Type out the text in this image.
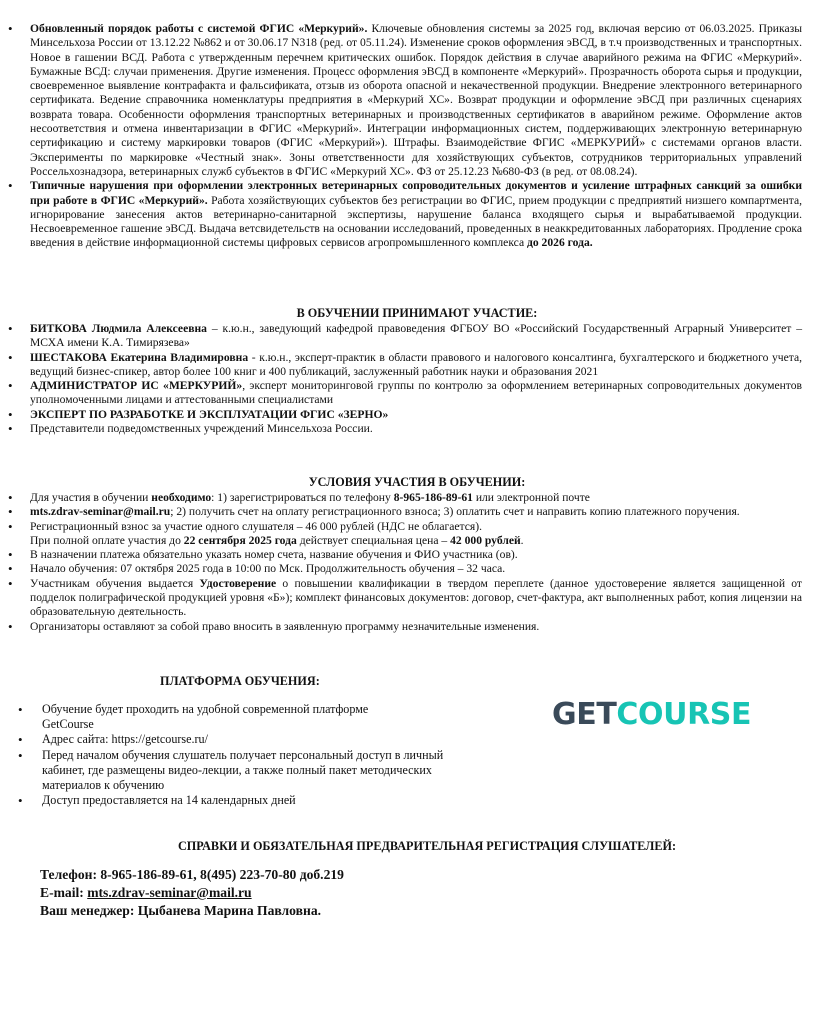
• Обновленный порядок работы с системой ФГИС «Меркурий». Ключевые обновления системы за 2025 год, включая версию от 06.03.2025. Приказы Минсельхоза России от 13.12.22 №862 и от 30.06.17 N318 (ред. от 05.11.24). Изменение сроков оформления эВСД, в т.ч производственных и транспортных. Новое в гашении ВСД. Работа с утвержденным перечнем критических ошибок. Порядок действия в случае аварийного режима на ФГИС «Меркурий». Бумажные ВСД: случаи применения. Другие изменения. Процесс оформления эВСД в компоненте «Меркурий». Прозрачность оборота сырья и продукции, своевременное выявление контрафакта и фальсификата, отзыв из оборота опасной и некачественной продукции. Внедрение электронного ветеринарного сертификата. Ведение справочника номенклатуры предприятия в «Меркурий ХС». Возврат продукции и оформление эВСД при различных сценариях возврата товара. Особенности оформления транспортных ветеринарных и производственных сертификатов в аварийном режиме. Оформление актов несоответствия и отмена инвентаризации в ФГИС «Меркурий». Интеграции информационных систем, поддерживающих электронную ветеринарную сертификацию и систему маркировки товаров (ФГИС «Меркурий»). Штрафы. Взаимодействие ФГИС «МЕРКУРИЙ» с системами органов власти. Эксперименты по маркировке «Честный знак». Зоны ответственности для хозяйствующих субъектов, сотрудников территориальных управлений Россельхознадзора, ветеринарных служб субъектов в ФГИС «Меркурий ХС». ФЗ от 25.12.23 №680-ФЗ (в ред. от 08.08.24).
• Типичные нарушения при оформлении электронных ветеринарных сопроводительных документов и усиление штрафных санкций за ошибки при работе в ФГИС «Меркурий». Работа хозяйствующих субъектов без регистрации во ФГИС, прием продукции с предприятий низшего компартмента, игнорирование занесения актов ветеринарно-санитарной экспертизы, нарушение баланса входящего сырья и вырабатываемой продукции. Несвоевременное гашение эВСД. Выдача ветсвидетельств на основании исследований, проведенных в неаккредитованных лабораториях. Продление срока введения в действие информационной системы цифровых сервисов агропромышленного комплекса до 2026 года.
В ОБУЧЕНИИ ПРИНИМАЮТ УЧАСТИЕ:
• БИТКОВА Людмила Алексеевна – к.ю.н., заведующий кафедрой правоведения ФГБОУ ВО «Российский Государственный Аграрный Университет – МСХА имени К.А. Тимирязева»
• ШЕСТАКОВА Екатерина Владимировна - к.ю.н., эксперт-практик в области правового и налогового консалтинга, бухгалтерского и бюджетного учета, ведущий бизнес-спикер, автор более 100 книг и 400 публикаций, заслуженный работник науки и образования 2021
• АДМИНИСТРАТОР ИС «МЕРКУРИЙ», эксперт мониторинговой группы по контролю за оформлением ветеринарных сопроводительных документов уполномоченными лицами и аттестованными специалистами
• ЭКСПЕРТ ПО РАЗРАБОТКЕ И ЭКСПЛУАТАЦИИ ФГИС «ЗЕРНО»
• Представители подведомственных учреждений Минсельхоза России.
УСЛОВИЯ УЧАСТИЯ В ОБУЧЕНИИ:
• Для участия в обучении необходимо: 1) зарегистрироваться по телефону 8-965-186-89-61 или электронной почте
• mts.zdrav-seminar@mail.ru; 2) получить счет на оплату регистрационного взноса; 3) оплатить счет и направить копию платежного поручения.
• Регистрационный взнос за участие одного слушателя – 46 000 рублей (НДС не облагается).
При полной оплате участия до 22 сентября 2025 года действует специальная цена – 42 000 рублей.
• В назначении платежа обязательно указать номер счета, название обучения и ФИО участника (ов).
• Начало обучения: 07 октября 2025 года в 10:00 по Мск. Продолжительность обучения – 32 часа.
• Участникам обучения выдается Удостоверение о повышении квалификации в твердом переплете (данное удостоверение является защищенной от подделок полиграфической продукцией уровня «Б»); комплект финансовых документов: договор, счет-фактура, акт выполненных работ, копия лицензии на образовательную деятельность.
• Организаторы оставляют за собой право вносить в заявленную программу незначительные изменения.
ПЛАТФОРМА ОБУЧЕНИЯ:
• Обучение будет проходить на удобной современной платформе GetCourse
• Адрес сайта: https://getcourse.ru/
• Перед началом обучения слушатель получает персональный доступ в личный кабинет, где размещены видео-лекции, а также полный пакет методических материалов к обучению
• Доступ предоставляется на 14 календарных дней
GETCOURSE
СПРАВКИ И ОБЯЗАТЕЛЬНАЯ ПРЕДВАРИТЕЛЬНАЯ РЕГИСТРАЦИЯ СЛУШАТЕЛЕЙ:
Телефон: 8-965-186-89-61, 8(495) 223-70-80 доб.219
E-mail: mts.zdrav-seminar@mail.ru
Ваш менеджер: Цыбанева Марина Павловна.
